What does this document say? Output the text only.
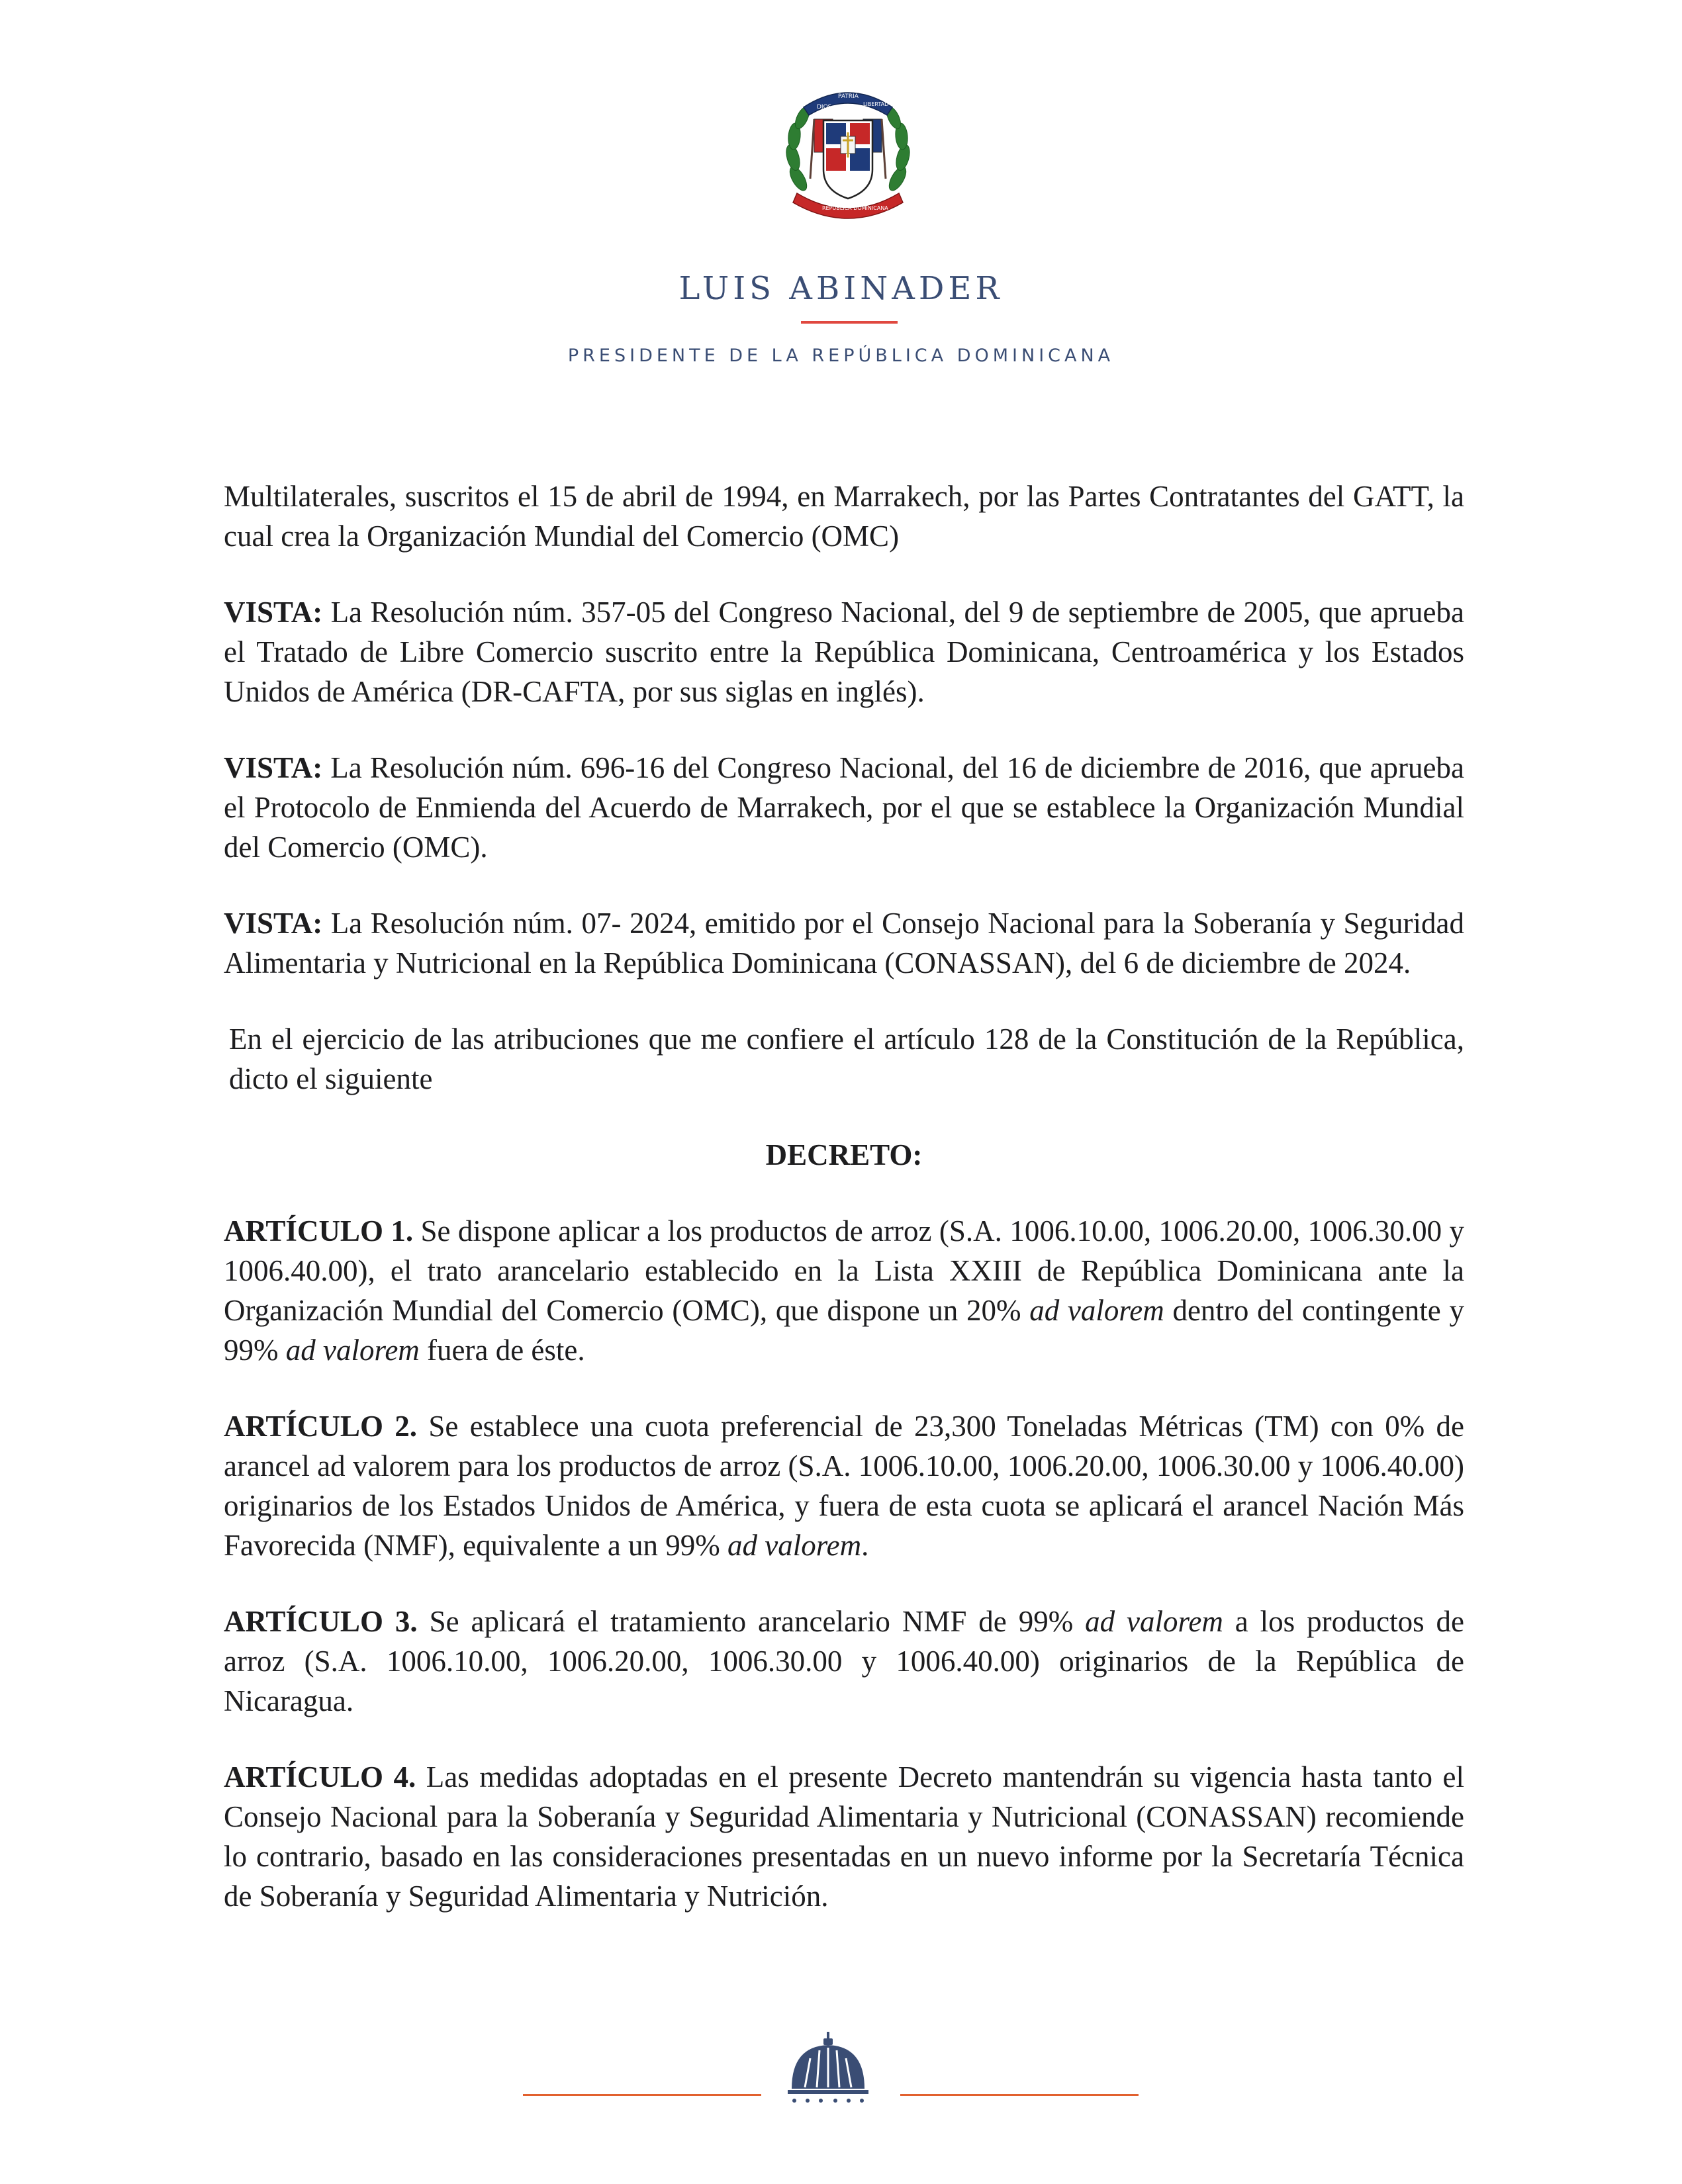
DIOS
PATRIA
LIBERTAD
REPUBLICA DOMINICANA
LUIS ABINADER
PRESIDENTE DE LA REPÚBLICA DOMINICANA

Multilaterales, suscritos el 15 de abril de 1994, en Marrakech, por las Partes Contratantes del GATT, la cual crea la Organización Mundial del Comercio (OMC)

VISTA: La Resolución núm. 357-05 del Congreso Nacional, del 9 de septiembre de 2005, que aprueba el Tratado de Libre Comercio suscrito entre la República Dominicana, Centroamérica y los Estados Unidos de América (DR-CAFTA, por sus siglas en inglés).

VISTA: La Resolución núm. 696-16 del Congreso Nacional, del 16 de diciembre de 2016, que aprueba el Protocolo de Enmienda del Acuerdo de Marrakech, por el que se establece la Organización Mundial del Comercio (OMC).

VISTA: La Resolución núm. 07- 2024, emitido por el Consejo Nacional para la Soberanía y Seguridad Alimentaria y Nutricional en la República Dominicana (CONASSAN), del 6 de diciembre de 2024.

En el ejercicio de las atribuciones que me confiere el artículo 128 de la Constitución de la República, dicto el siguiente

DECRETO:

ARTÍCULO 1. Se dispone aplicar a los productos de arroz (S.A. 1006.10.00, 1006.20.00, 1006.30.00 y 1006.40.00), el trato arancelario establecido en la Lista XXIII de República Dominicana ante la Organización Mundial del Comercio (OMC), que dispone un 20% ad valorem dentro del contingente y 99% ad valorem fuera de éste.

ARTÍCULO 2. Se establece una cuota preferencial de 23,300 Toneladas Métricas (TM) con 0% de arancel ad valorem para los productos de arroz (S.A. 1006.10.00, 1006.20.00, 1006.30.00 y 1006.40.00) originarios de los Estados Unidos de América, y fuera de esta cuota se aplicará el arancel Nación Más Favorecida (NMF), equivalente a un 99% ad valorem.

ARTÍCULO 3. Se aplicará el tratamiento arancelario NMF de 99% ad valorem a los productos de arroz (S.A. 1006.10.00, 1006.20.00, 1006.30.00 y 1006.40.00) originarios de la República de Nicaragua.

ARTÍCULO 4. Las medidas adoptadas en el presente Decreto mantendrán su vigencia hasta tanto el Consejo Nacional para la Soberanía y Seguridad Alimentaria y Nutricional (CONASSAN) recomiende lo contrario, basado en las consideraciones presentadas en un nuevo informe por la Secretaría Técnica de Soberanía y Seguridad Alimentaria y Nutrición.
